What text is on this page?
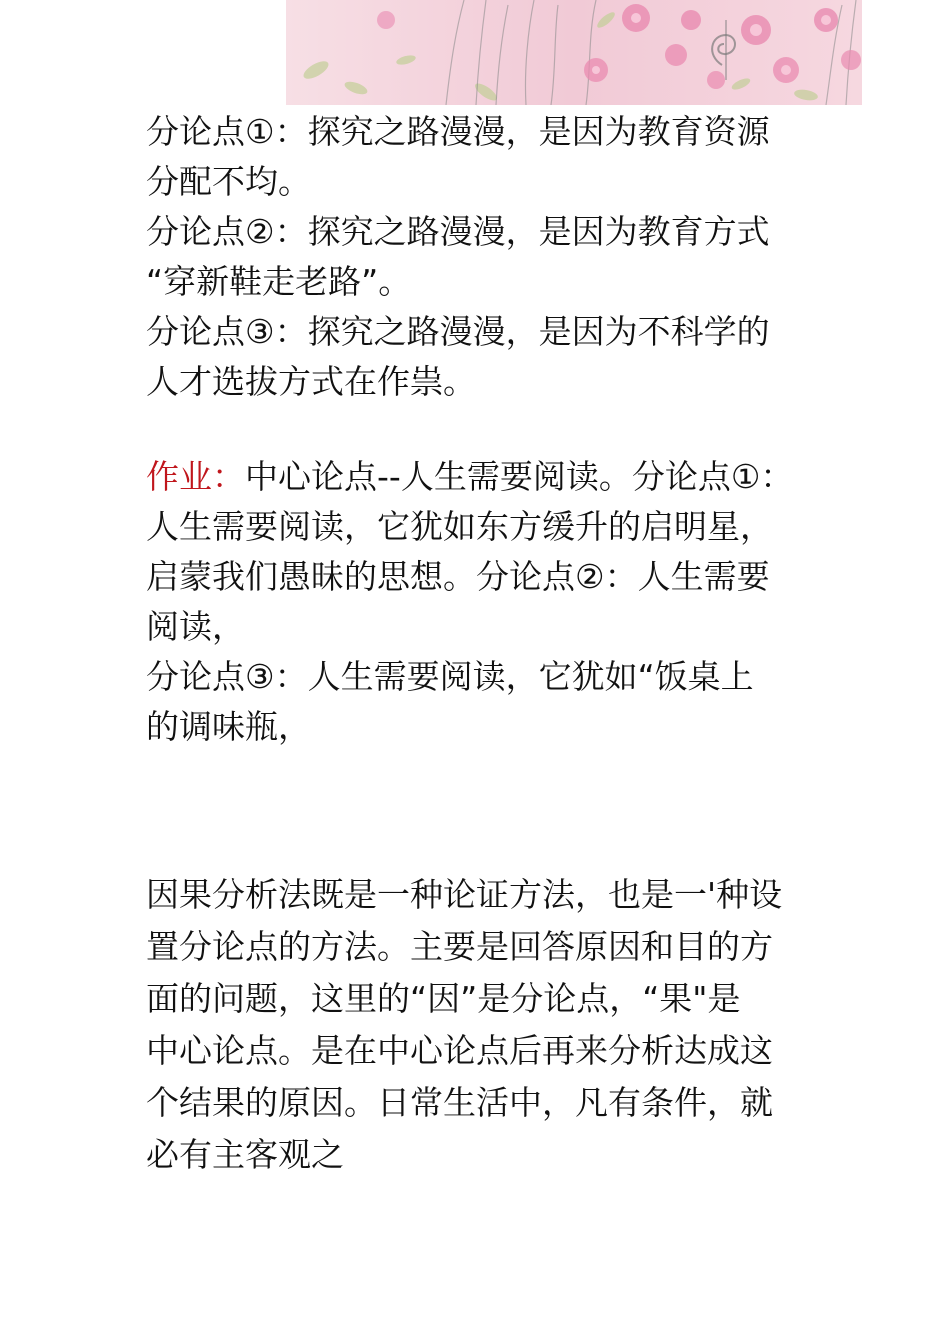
分论点①：探究之路漫漫，是因为教育资源
分配不均。
分论点②：探究之路漫漫，是因为教育方式
“穿新鞋走老路”。
分论点③：探究之路漫漫，是因为不科学的
人才选拔方式在作祟。
作业：中心论点--人生需要阅读。分论点①：
人生需要阅读，它犹如东方缓升的启明星，
启蒙我们愚昧的思想。分论点②：人生需要
阅读，
分论点③：人生需要阅读，它犹如“饭桌上
的调味瓶，
因果分析法既是一种论证方法，也是一'种设
置分论点的方法。主要是回答原因和目的方
面的问题，这里的“因”是分论点，“果"是
中心论点。是在中心论点后再来分析达成这
个结果的原因。日常生活中，凡有条件，就
必有主客观之
